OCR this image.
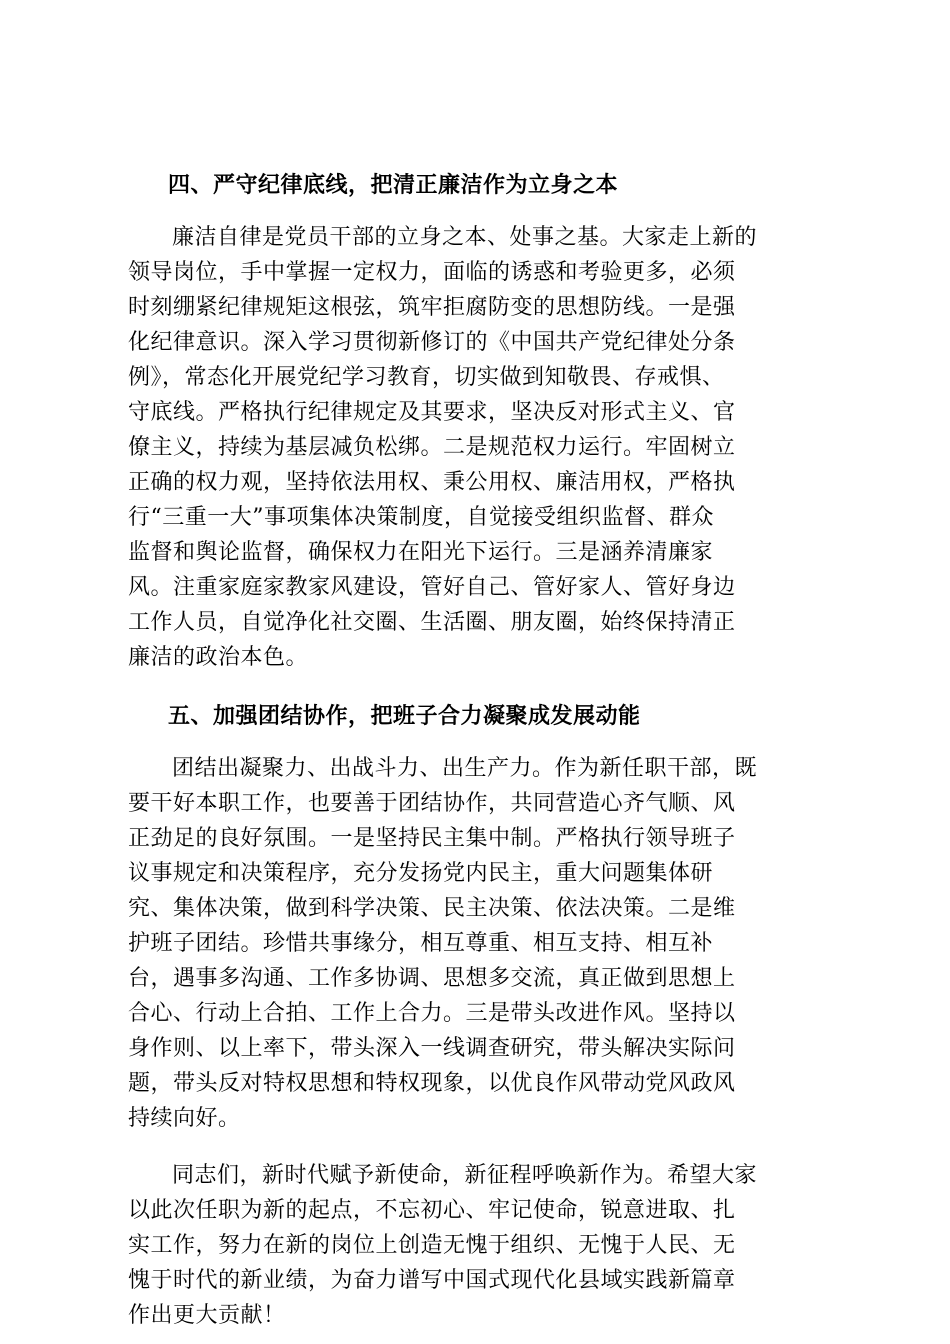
四、严守纪律底线，把清正廉洁作为立身之本
廉洁自律是党员干部的立身之本、处事之基。大家走上新的
领导岗位，手中掌握一定权力，面临的诱惑和考验更多，必须
时刻绷紧纪律规矩这根弦，筑牢拒腐防变的思想防线。一是强
化纪律意识。深入学习贯彻新修订的《中国共产党纪律处分条
例》，常态化开展党纪学习教育，切实做到知敬畏、存戒惧、
守底线。严格执行纪律规定及其要求，坚决反对形式主义、官
僚主义，持续为基层减负松绑。二是规范权力运行。牢固树立
正确的权力观，坚持依法用权、秉公用权、廉洁用权，严格执
行“三重一大”事项集体决策制度，自觉接受组织监督、群众
监督和舆论监督，确保权力在阳光下运行。三是涵养清廉家
风。注重家庭家教家风建设，管好自己、管好家人、管好身边
工作人员，自觉净化社交圈、生活圈、朋友圈，始终保持清正
廉洁的政治本色。
五、加强团结协作，把班子合力凝聚成发展动能
团结出凝聚力、出战斗力、出生产力。作为新任职干部，既
要干好本职工作，也要善于团结协作，共同营造心齐气顺、风
正劲足的良好氛围。一是坚持民主集中制。严格执行领导班子
议事规定和决策程序，充分发扬党内民主，重大问题集体研
究、集体决策，做到科学决策、民主决策、依法决策。二是维
护班子团结。珍惜共事缘分，相互尊重、相互支持、相互补
台，遇事多沟通、工作多协调、思想多交流，真正做到思想上
合心、行动上合拍、工作上合力。三是带头改进作风。坚持以
身作则、以上率下，带头深入一线调查研究，带头解决实际问
题，带头反对特权思想和特权现象，以优良作风带动党风政风
持续向好。
同志们，新时代赋予新使命，新征程呼唤新作为。希望大家
以此次任职为新的起点，不忘初心、牢记使命，锐意进取、扎
实工作，努力在新的岗位上创造无愧于组织、无愧于人民、无
愧于时代的新业绩，为奋力谱写中国式现代化县域实践新篇章
作出更大贡献！
